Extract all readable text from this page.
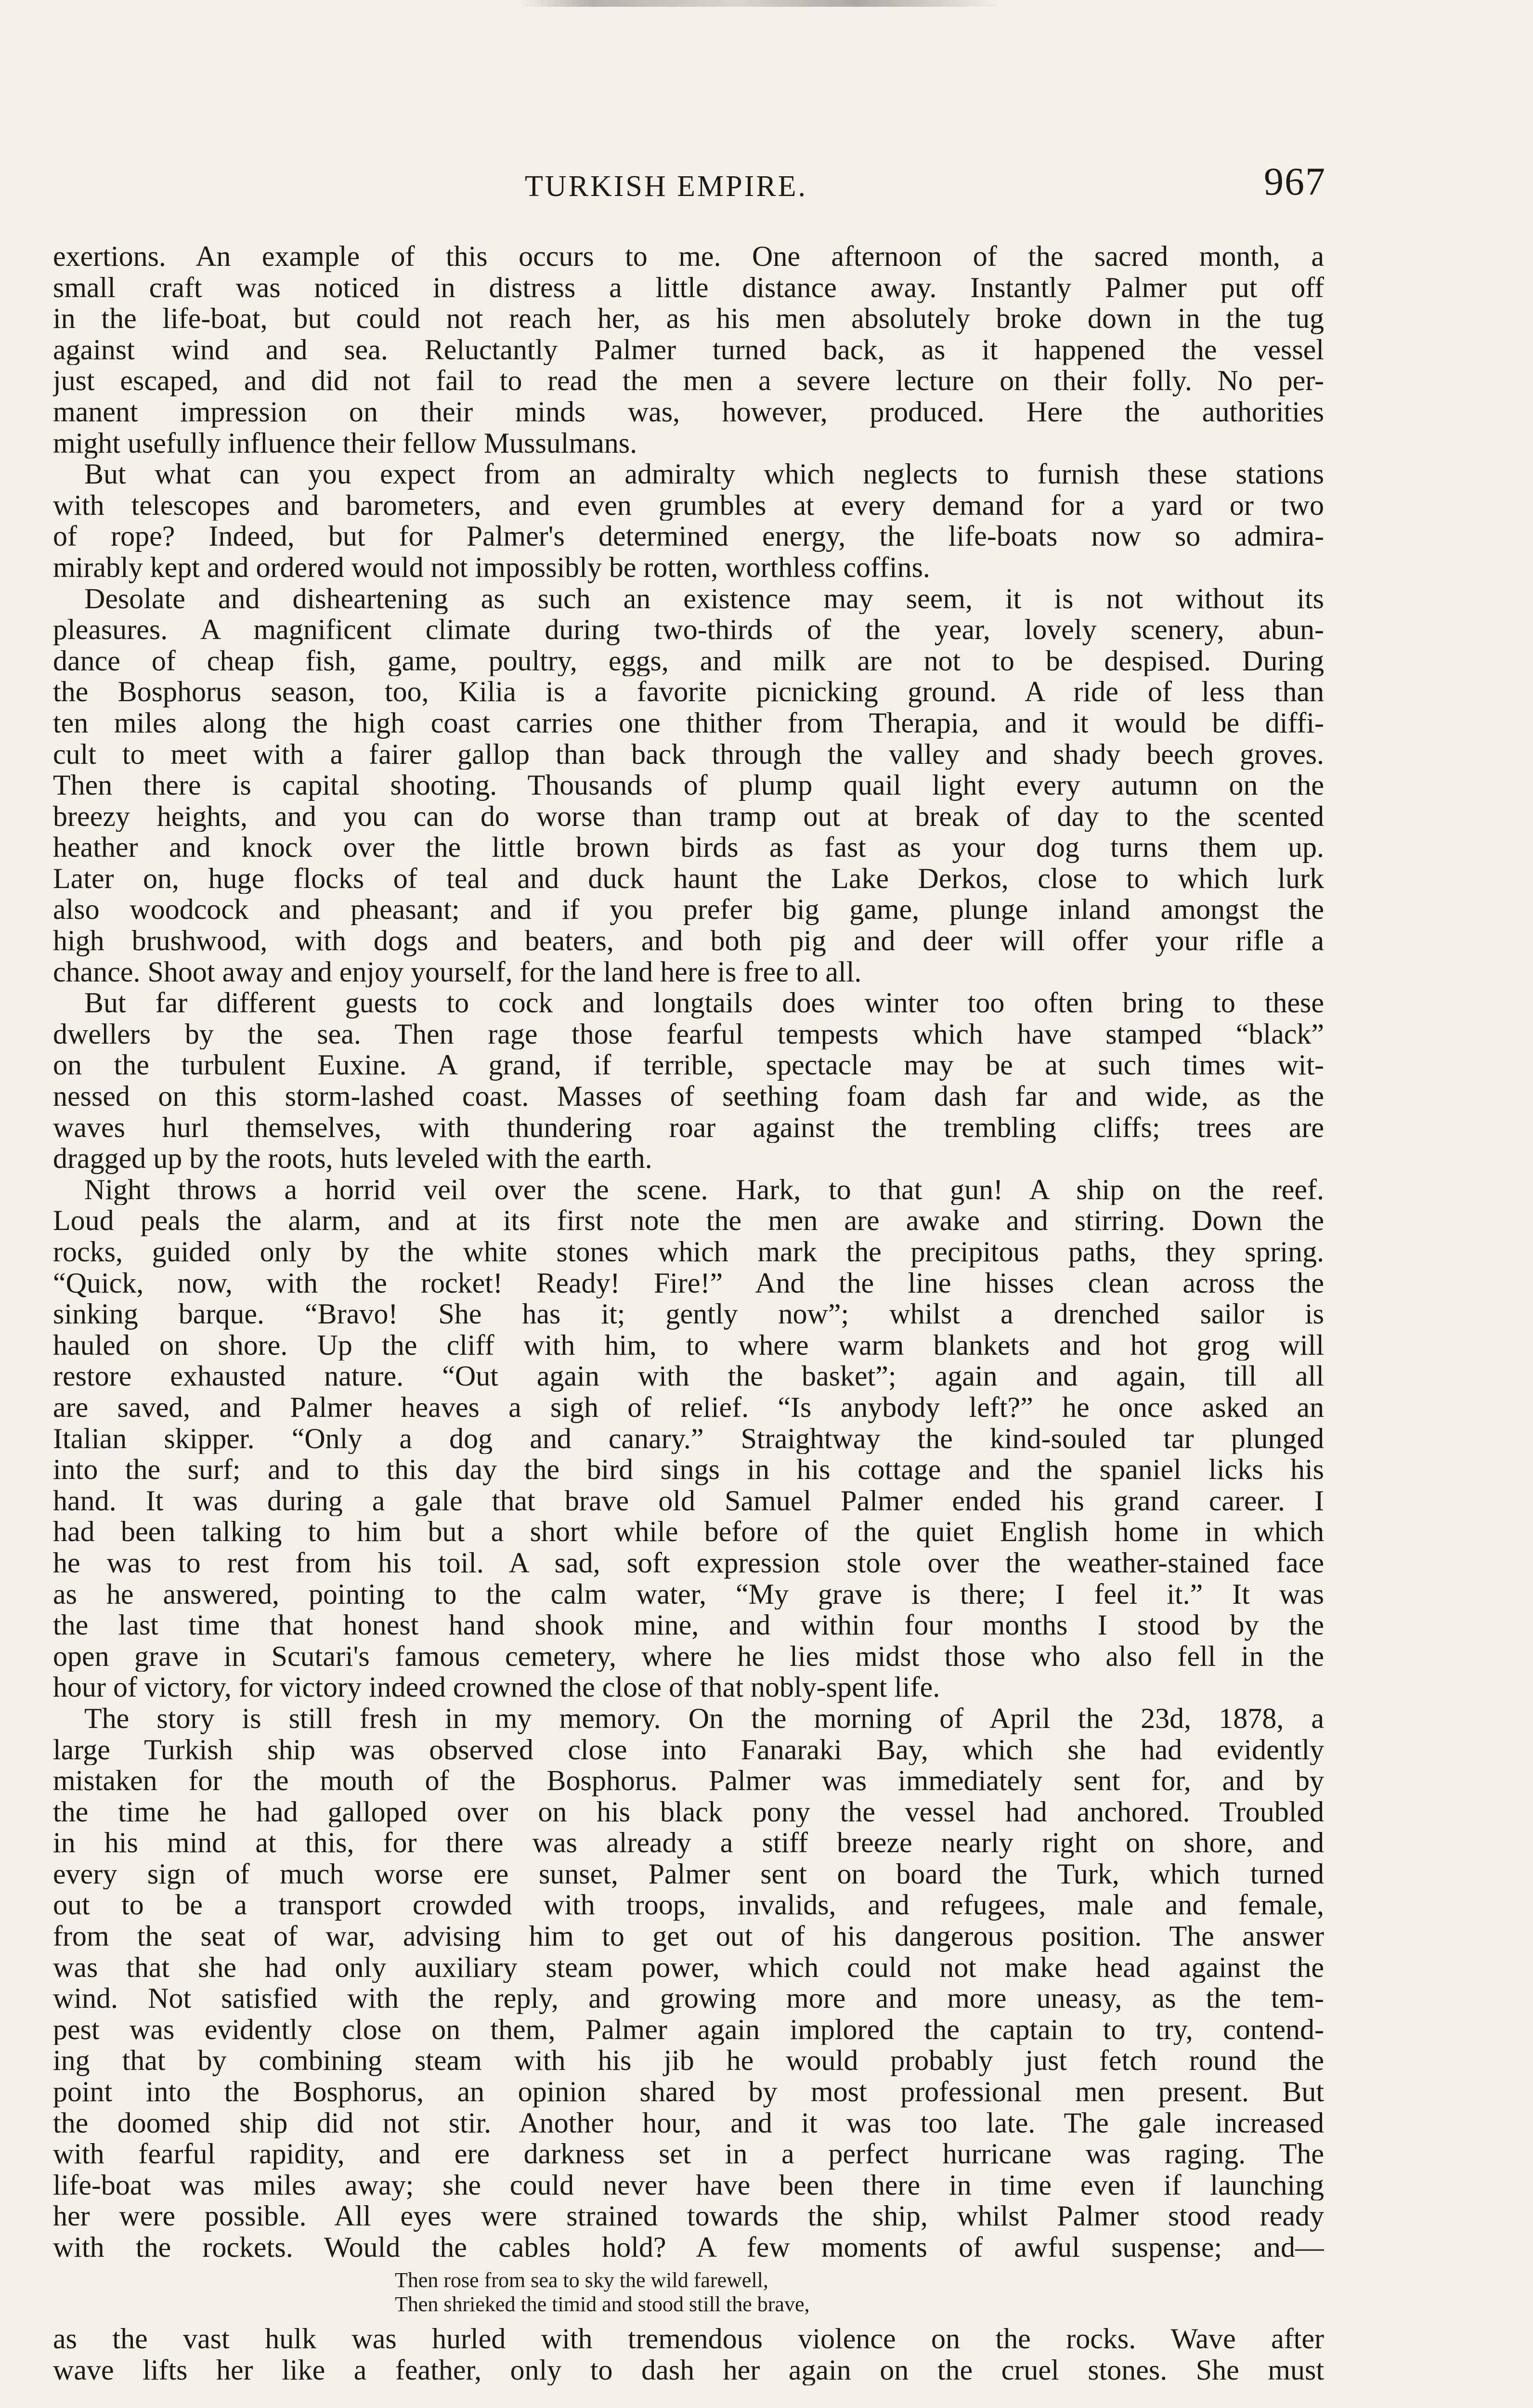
TURKISH EMPIRE.	967
exertions. An example of this occurs to me. One afternoon of the sacred month, a
small craft was noticed in distress a little distance away. Instantly Palmer put off
in the life-boat, but could not reach her, as his men absolutely broke down in the tug
against wind and sea. Reluctantly Palmer turned back, as it happened the vessel
just escaped, and did not fail to read the men a severe lecture on their folly. No per-
manent impression on their minds was, however, produced. Here the authorities
might usefully influence their fellow Mussulmans.
But what can you expect from an admiralty which neglects to furnish these stations
with telescopes and barometers, and even grumbles at every demand for a yard or two
of rope? Indeed, but for Palmer's determined energy, the life-boats now so admira-
mirably kept and ordered would not impossibly be rotten, worthless coffins.
Desolate and disheartening as such an existence may seem, it is not without its
pleasures. A magnificent climate during two-thirds of the year, lovely scenery, abun-
dance of cheap fish, game, poultry, eggs, and milk are not to be despised. During
the Bosphorus season, too, Kilia is a favorite picnicking ground. A ride of less than
ten miles along the high coast carries one thither from Therapia, and it would be diffi-
cult to meet with a fairer gallop than back through the valley and shady beech groves.
Then there is capital shooting. Thousands of plump quail light every autumn on the
breezy heights, and you can do worse than tramp out at break of day to the scented
heather and knock over the little brown birds as fast as your dog turns them up.
Later on, huge flocks of teal and duck haunt the Lake Derkos, close to which lurk
also woodcock and pheasant; and if you prefer big game, plunge inland amongst the
high brushwood, with dogs and beaters, and both pig and deer will offer your rifle a
chance. Shoot away and enjoy yourself, for the land here is free to all.
But far different guests to cock and longtails does winter too often bring to these
dwellers by the sea. Then rage those fearful tempests which have stamped “black”
on the turbulent Euxine. A grand, if terrible, spectacle may be at such times wit-
nessed on this storm-lashed coast. Masses of seething foam dash far and wide, as the
waves hurl themselves, with thundering roar against the trembling cliffs; trees are
dragged up by the roots, huts leveled with the earth.
Night throws a horrid veil over the scene. Hark, to that gun! A ship on the reef.
Loud peals the alarm, and at its first note the men are awake and stirring. Down the
rocks, guided only by the white stones which mark the precipitous paths, they spring.
“Quick, now, with the rocket! Ready! Fire!” And the line hisses clean across the
sinking barque. “Bravo! She has it; gently now”; whilst a drenched sailor is
hauled on shore. Up the cliff with him, to where warm blankets and hot grog will
restore exhausted nature. “Out again with the basket”; again and again, till all
are saved, and Palmer heaves a sigh of relief. “Is anybody left?” he once asked an
Italian skipper. “Only a dog and canary.” Straightway the kind-souled tar plunged
into the surf; and to this day the bird sings in his cottage and the spaniel licks his
hand. It was during a gale that brave old Samuel Palmer ended his grand career. I
had been talking to him but a short while before of the quiet English home in which
he was to rest from his toil. A sad, soft expression stole over the weather-stained face
as he answered, pointing to the calm water, “My grave is there; I feel it.” It was
the last time that honest hand shook mine, and within four months I stood by the
open grave in Scutari's famous cemetery, where he lies midst those who also fell in the
hour of victory, for victory indeed crowned the close of that nobly-spent life.
The story is still fresh in my memory. On the morning of April the 23d, 1878, a
large Turkish ship was observed close into Fanaraki Bay, which she had evidently
mistaken for the mouth of the Bosphorus. Palmer was immediately sent for, and by
the time he had galloped over on his black pony the vessel had anchored. Troubled
in his mind at this, for there was already a stiff breeze nearly right on shore, and
every sign of much worse ere sunset, Palmer sent on board the Turk, which turned
out to be a transport crowded with troops, invalids, and refugees, male and female,
from the seat of war, advising him to get out of his dangerous position. The answer
was that she had only auxiliary steam power, which could not make head against the
wind. Not satisfied with the reply, and growing more and more uneasy, as the tem-
pest was evidently close on them, Palmer again implored the captain to try, contend-
ing that by combining steam with his jib he would probably just fetch round the
point into the Bosphorus, an opinion shared by most professional men present. But
the doomed ship did not stir. Another hour, and it was too late. The gale increased
with fearful rapidity, and ere darkness set in a perfect hurricane was raging. The
life-boat was miles away; she could never have been there in time even if launching
her were possible. All eyes were strained towards the ship, whilst Palmer stood ready
with the rockets. Would the cables hold? A few moments of awful suspense; and—
Then rose from sea to sky the wild farewell,
Then shrieked the timid and stood still the brave,
as the vast hulk was hurled with tremendous violence on the rocks. Wave after
wave lifts her like a feather, only to dash her again on the cruel stones. She must
